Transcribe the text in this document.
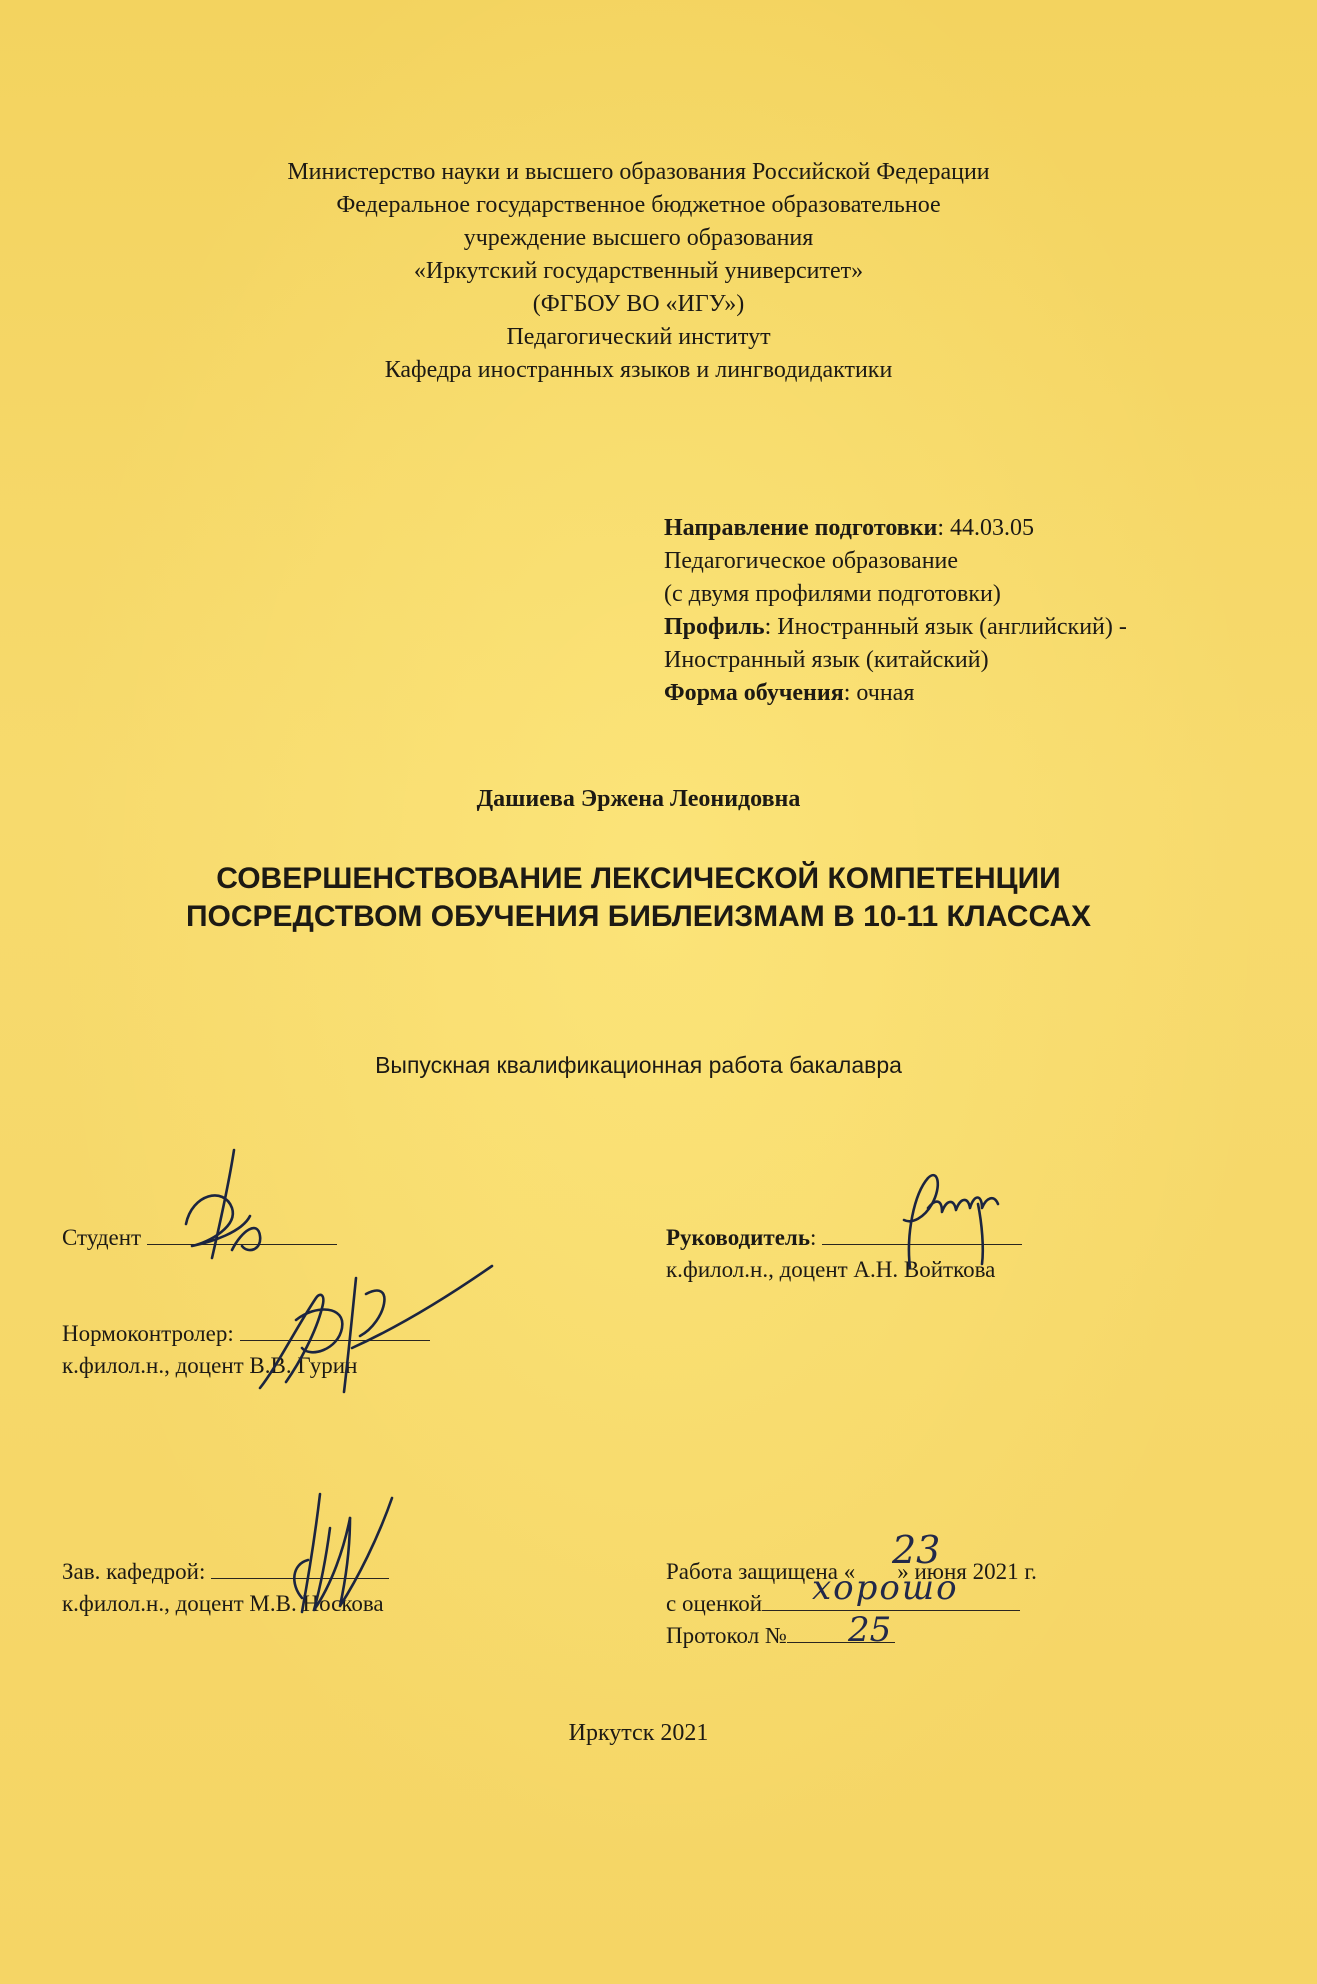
Министерство науки и высшего образования Российской Федерации
Федеральное государственное бюджетное образовательное
учреждение высшего образования
«Иркутский государственный университет»
(ФГБОУ ВО «ИГУ»)
Педагогический институт
Кафедра иностранных языков и лингводидактики
Направление подготовки: 44.03.05
Педагогическое образование
(с двумя профилями подготовки)
Профиль: Иностранный язык (английский) -
Иностранный язык (китайский)
Форма обучения: очная
Дашиева Эржена Леонидовна
СОВЕРШЕНСТВОВАНИЕ ЛЕКСИЧЕСКОЙ КОМПЕТЕНЦИИ
ПОСРЕДСТВОМ ОБУЧЕНИЯ БИБЛЕИЗМАМ В 10-11 КЛАССАХ
Выпускная квалификационная работа бакалавра
Студент	Руководитель:
к.филол.н., доцент А.Н. Войткова
Нормоконтролер:
к.филол.н., доцент В.В. Гурин
Зав. кафедрой:
к.филол.н., доцент М.В. Носкова
Работа защищена « » июня 2021 г.
с оценкой
Протокол №
23
хорошо
25
Иркутск 2021
